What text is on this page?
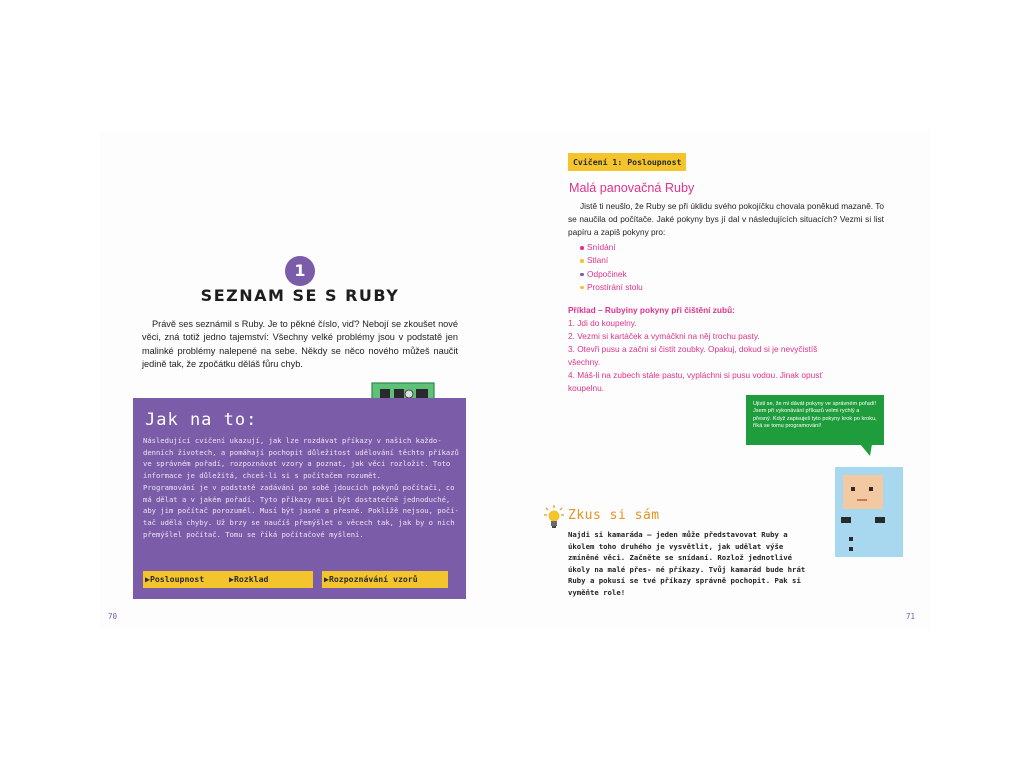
1
SEZNAM SE S RUBY

Právě ses seznámil s Ruby. Je to pěkné číslo, viď? Nebojí se zkoušet nové věci, zná totiž jedno tajemství: Všechny velké problémy jsou v podstatě jen malinké problémy nalepené na sebe. Někdy se něco nového můžeš naučit jedině tak, že zpočátku děláš fůru chyb.

Jak na to:
Následující cvičení ukazují, jak lze rozdávat příkazy v našich každo-
denních životech, a pomáhají pochopit důležitost udělování těchto příkazů
ve správném pořadí, rozpoznávat vzory a poznat, jak věci rozložit. Toto
informace je důležitá, chceš-li si s počítačem rozumět.
Programování je v podstatě zadávání po sobě jdoucích pokynů počítači, co
má dělat a v jakém pořadí. Tyto příkazy musí být dostatečně jednoduché,
aby jim počítač porozuměl. Musí být jasné a přesné. Pokližě nejsou, počí-
tač udělá chyby. Už brzy se naučíš přemýšlet o věcech tak, jak by o nich
přemýšlel počítač. Tomu se říká počítačové myšlení.
▶Posloupnost	▶Rozklad	▶Rozpoznávání vzorů
70
Cvičení 1: Posloupnost
Malá panovačná Ruby

Jistě ti neušlo, že Ruby se při úklidu svého pokojíčku chovala poněkud mazaně. To se naučila od počítače. Jaké pokyny bys jí dal v následujících situacích? Vezmi si list papíru a zapiš pokyny pro:

Snídání
Stlaní
Odpočinek
Prostírání stolu
Příklad – Rubyiny pokyny při čištění zubů:
1. Jdi do koupelny.
2. Vezmi si kartáček a vymáčkni na něj trochu pasty.
3. Otevři pusu a začni si čistit zoubky. Opakuj, dokud si je nevyčistíš všechny.
4. Máš-li na zubech stále pastu, vypláchni si pusu vodou. Jinak opusť koupelnu.
Ujisti se, že mi dávát pokyny ve správném pořadí! Jsem při vykonávání příkazů velmi rychlý a přesný. Když zapisuješ tyto pokyny krok po kroku, říká se tomu programování!
Zkus si sám
Najdi si kamaráda – jeden může představovat Ruby a úkolem toho druhého je vysvětlit, jak udělat výše zmíněné věci. Začněte se snídaní. Rozlož jednotlivé úkoly na malé přes- né příkazy. Tvůj kamarád bude hrát Ruby a pokusí se tvé příkazy správně pochopit. Pak si vyměňte role!
71
